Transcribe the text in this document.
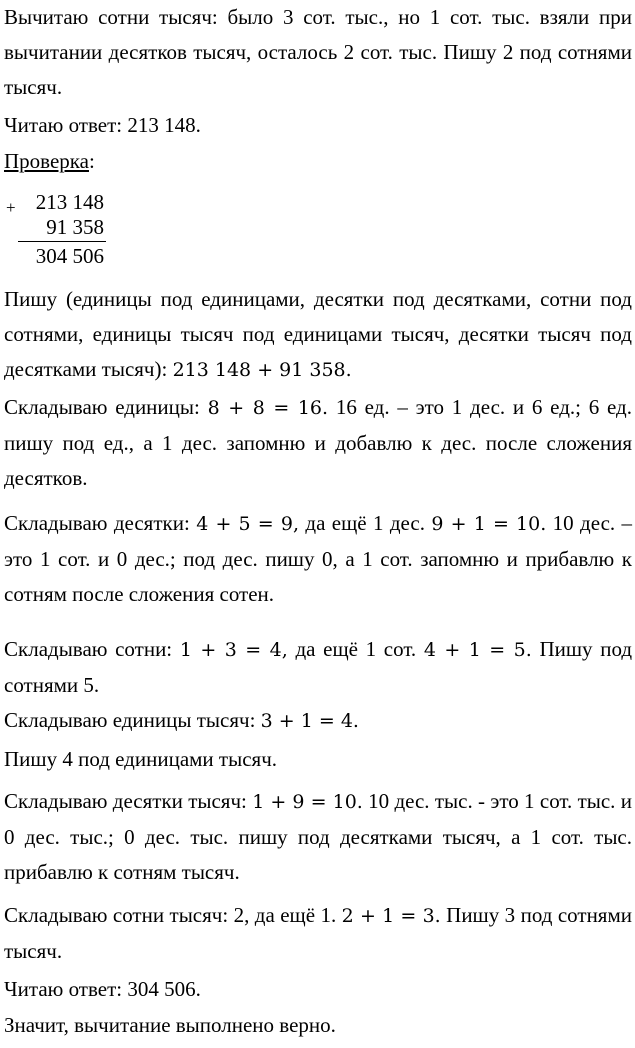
Вычитаю сотни тысяч: было 3 сот. тыс., но 1 сот. тыс. взяли при вычитании десятков тысяч, осталось 2 сот. тыс. Пишу 2 под сотнями тысяч.
Читаю ответ: 213 148.
Проверка:
+ 213 148
91 358
304 506
Пишу (единицы под единицами, десятки под десятками, сотни под сотнями, единицы тысяч под единицами тысяч, десятки тысяч под десятками тысяч): 213 148 + 91 358.
Складываю единицы: 8 + 8 = 16. 16 ед. – это 1 дес. и 6 ед.; 6 ед. пишу под ед., а 1 дес. запомню и добавлю к дес. после сложения десятков.
Складываю десятки: 4 + 5 = 9, да ещё 1 дес. 9 + 1 = 10. 10 дес. – это 1 сот. и 0 дес.; под дес. пишу 0, а 1 сот. запомню и прибавлю к сотням после сложения сотен.
Складываю сотни: 1 + 3 = 4, да ещё 1 сот. 4 + 1 = 5. Пишу под сотнями 5.
Складываю единицы тысяч: 3 + 1 = 4.
Пишу 4 под единицами тысяч.
Складываю десятки тысяч: 1 + 9 = 10. 10 дес. тыс. - это 1 сот. тыс. и 0 дес. тыс.; 0 дес. тыс. пишу под десятками тысяч, а 1 сот. тыс. прибавлю к сотням тысяч.
Складываю сотни тысяч: 2, да ещё 1. 2 + 1 = 3. Пишу 3 под сотнями тысяч.
Читаю ответ: 304 506.
Значит, вычитание выполнено верно.
